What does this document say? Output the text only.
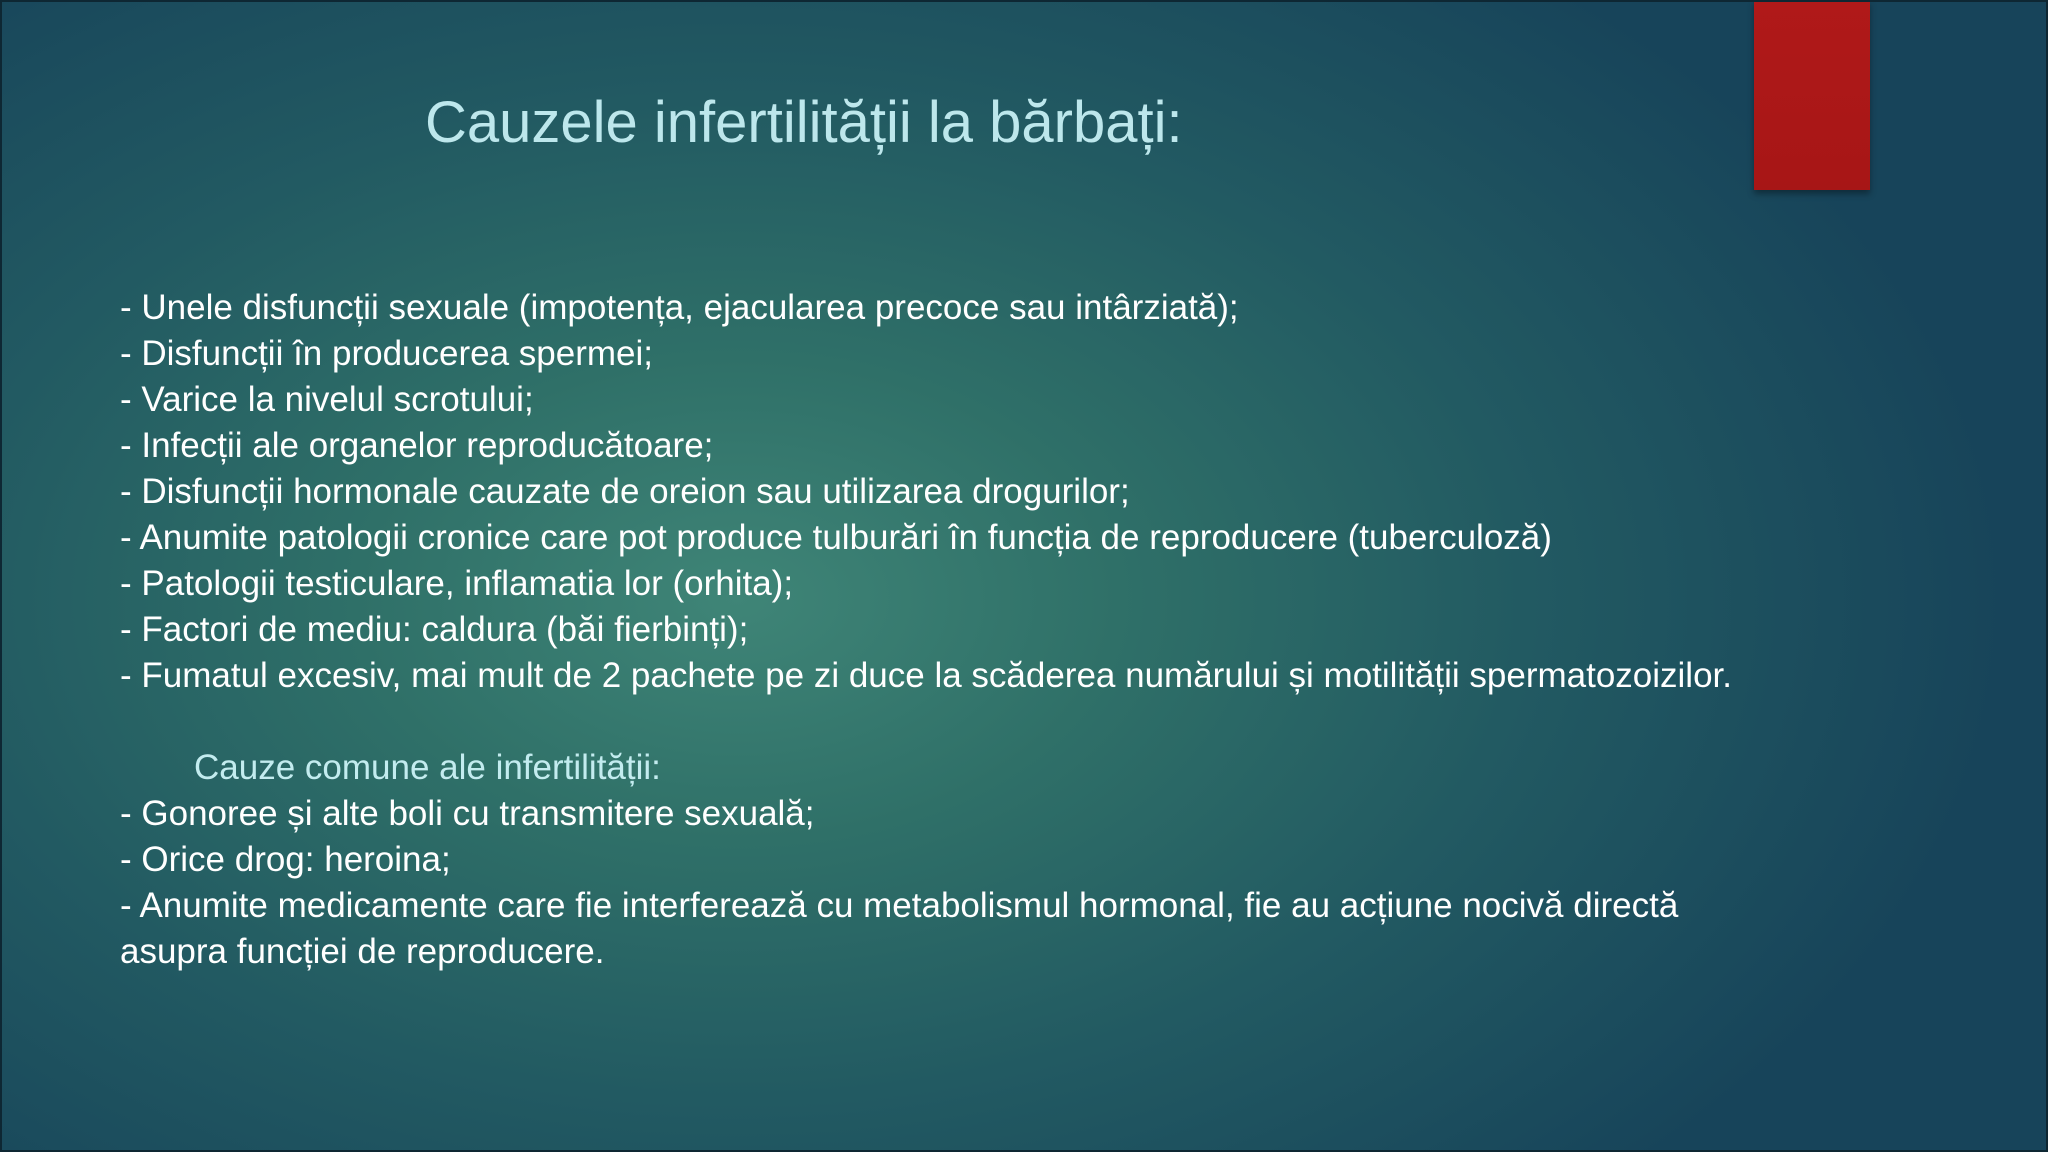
Cauzele infertilității la bărbați:
- Unele disfuncții sexuale (impotența, ejacularea precoce sau intârziată);
- Disfuncții în producerea spermei;
- Varice la nivelul scrotului;
- Infecții ale organelor reproducătoare;
- Disfuncții hormonale cauzate de oreion sau utilizarea drogurilor;
- Anumite patologii cronice care pot produce tulburări în funcția de reproducere (tuberculoză)
- Patologii testiculare, inflamatia lor (orhita);
- Factori de mediu: caldura (băi fierbinți);
- Fumatul excesiv, mai mult de 2 pachete pe zi duce la scăderea numărului și motilității spermatozoizilor.
Cauze comune ale infertilității:
- Gonoree și alte boli cu transmitere sexuală;
- Orice drog: heroina;
- Anumite medicamente care fie interferează cu metabolismul hormonal, fie au acțiune nocivă directă
asupra funcției de reproducere.
